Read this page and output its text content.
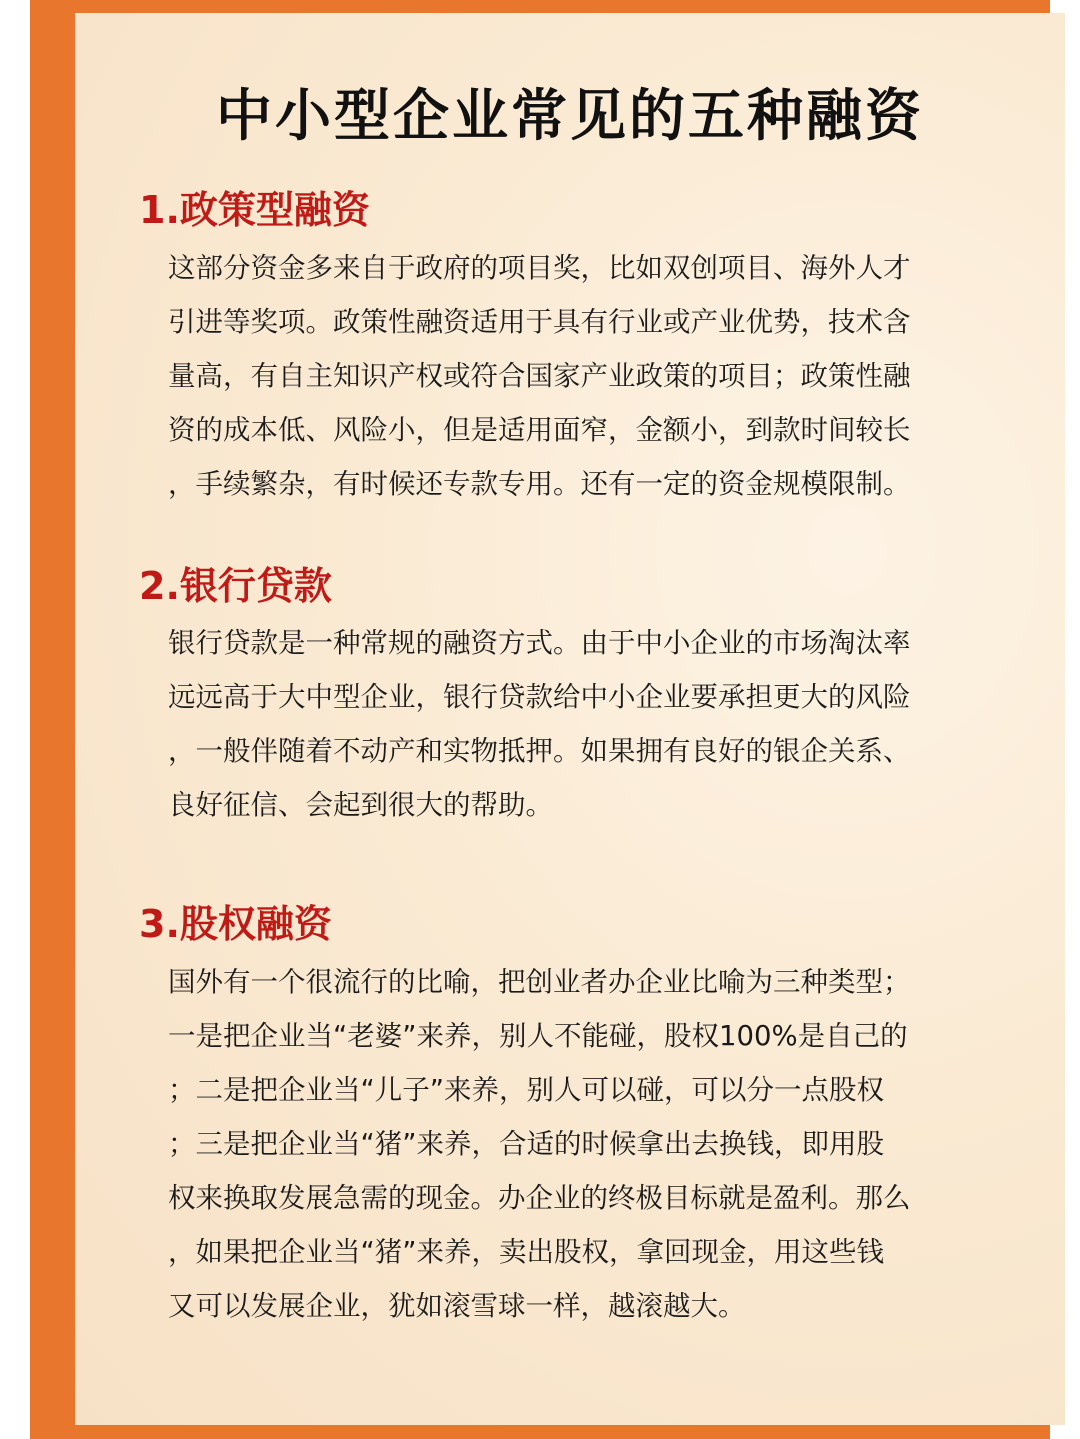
中小型企业常见的五种融资
1.政策型融资
这部分资金多来自于政府的项目奖，比如双创项目、海外人才
引进等奖项。政策性融资适用于具有行业或产业优势，技术含
量高，有自主知识产权或符合国家产业政策的项目；政策性融
资的成本低、风险小，但是适用面窄，金额小，到款时间较长
，手续繁杂，有时候还专款专用。还有一定的资金规模限制。
2.银行贷款
银行贷款是一种常规的融资方式。由于中小企业的市场淘汰率
远远高于大中型企业，银行贷款给中小企业要承担更大的风险
，一般伴随着不动产和实物抵押。如果拥有良好的银企关系、
良好征信、会起到很大的帮助。
3.股权融资
国外有一个很流行的比喻，把创业者办企业比喻为三种类型；
一是把企业当“老婆”来养，别人不能碰，股权100%是自己的
；二是把企业当“儿子”来养，别人可以碰，可以分一点股权
；三是把企业当“猪”来养，合适的时候拿出去换钱，即用股
权来换取发展急需的现金。办企业的终极目标就是盈利。那么
，如果把企业当“猪”来养，卖出股权，拿回现金，用这些钱
又可以发展企业，犹如滚雪球一样，越滚越大。
